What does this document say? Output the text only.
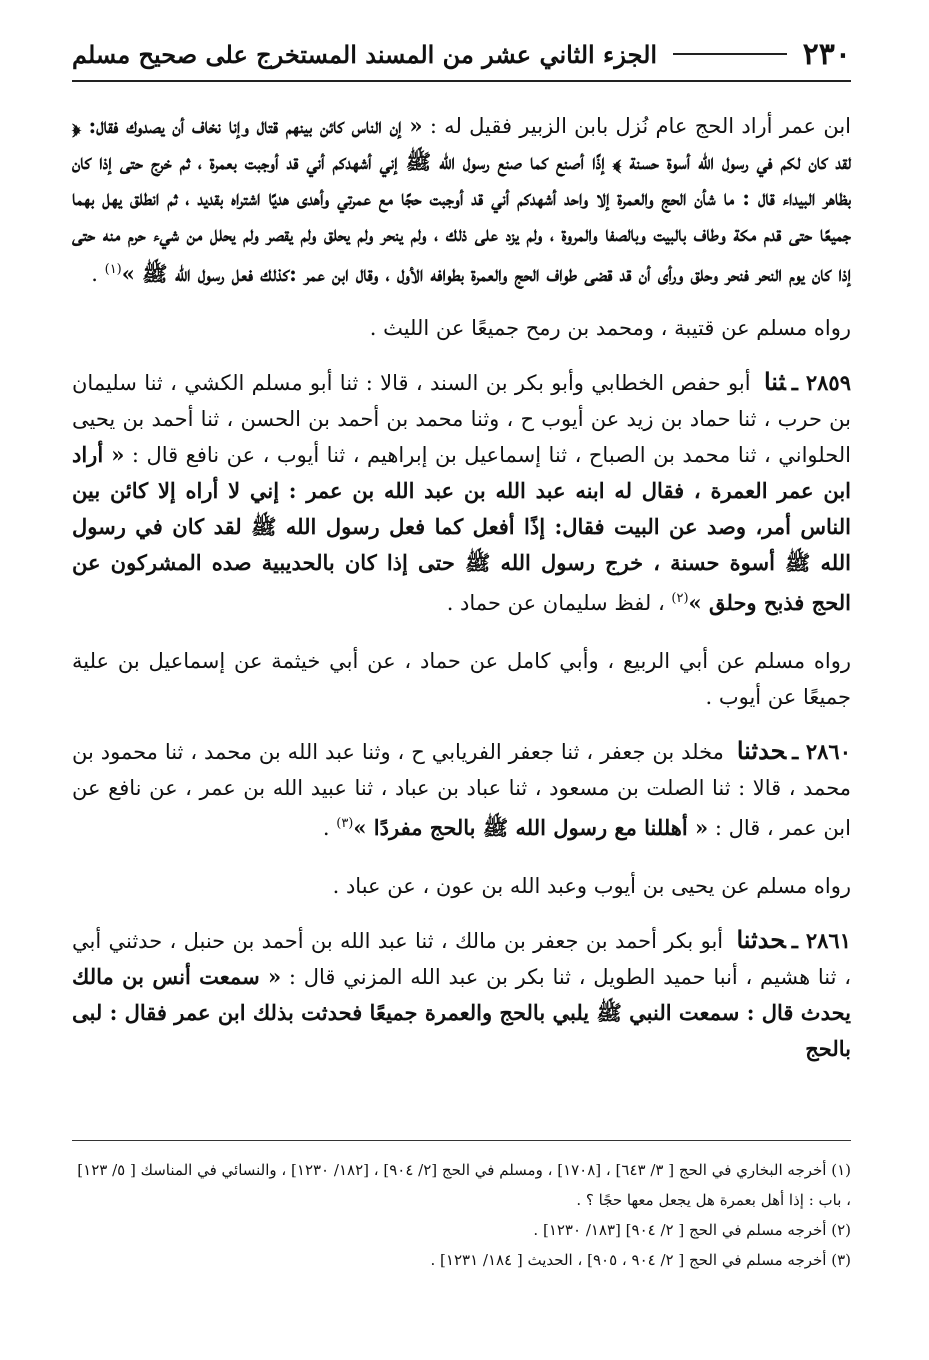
٢٣٠
الجزء الثاني عشر من المسند المستخرج على صحيح مسلم

ابن عمر أراد الحج عام نُزل بابن الزبير فقيل له : « إن الناس كائن بينهم قتال وإنا نخاف أن يصدوك فقال: ﴿ لقد كان لكم في رسول الله أسوة حسنة ﴾ إذًا أصنع كما صنع رسول الله ﷺ إني أشهدكم أني قد أوجبت بعمرة ، ثم خرج حتى إذا كان بظاهر البيداء قال : ما شأن الحج والعمرة إلا واحد أشهدكم أني قد أوجبت حجًا مع عمرتي وأهدى هديًا اشتراه بقديد ، ثم انطلق يهل بهما جميعًا حتى قدم مكة وطاف بالبيت وبالصفا والمروة ، ولم يزد على ذلك ، ولم ينحر ولم يحلق ولم يقصر ولم يحلل من شيء حرم منه حتى إذا كان يوم النحر فنحر وحلق ورأى أن قد قضى طواف الحج والعمرة بطوافه الأول ، وقال ابن عمر :كذلك فعل رسول الله ﷺ »$^{(١)}$ .

رواه مسلم عن قتيبة ، ومحمد بن رمح جميعًا عن الليث .

٢٨٥٩ ـثنا أبو حفص الخطابي وأبو بكر بن السند ، قالا : ثنا أبو مسلم الكشي ، ثنا سليمان بن حرب ، ثنا حماد بن زيد عن أيوب ح ، وثنا محمد بن أحمد بن الحسن ، ثنا أحمد بن يحيى الحلواني ، ثنا محمد بن الصباح ، ثنا إسماعيل بن إبراهيم ، ثنا أيوب ، عن نافع قال : « أراد ابن عمر العمرة ، فقال له ابنه عبد الله بن عبد الله بن عمر : إني لا أراه إلا كائن بين الناس أمر، وصد عن البيت فقال: إذًا أفعل كما فعل رسول الله ﷺ لقد كان في رسول الله ﷺ أسوة حسنة ، خرج رسول الله ﷺ حتى إذا كان بالحديبية صده المشركون عن الحج فذبح وحلق »$^{(٢)}$ ، لفظ سليمان عن حماد .

رواه مسلم عن أبي الربيع ، وأبي كامل عن حماد ، عن أبي خيثمة عن إسماعيل بن علية جميعًا عن أيوب .

٢٨٦٠ ـحدثنا مخلد بن جعفر ، ثنا جعفر الفريابي ح ، وثنا عبد الله بن محمد ، ثنا محمود بن محمد ، قالا : ثنا الصلت بن مسعود ، ثنا عباد بن عباد ، ثنا عبيد الله بن عمر ، عن نافع عن ابن عمر ، قال : « أهللنا مع رسول الله ﷺ بالحج مفردًا »$^{(٣)}$ .

رواه مسلم عن يحيى بن أيوب وعبد الله بن عون ، عن عباد .

٢٨٦١ ـحدثنا أبو بكر أحمد بن جعفر بن مالك ، ثنا عبد الله بن أحمد بن حنبل ، حدثني أبي ، ثنا هشيم ، أنبا حميد الطويل ، ثنا بكر بن عبد الله المزني قال : « سمعت أنس بن مالك يحدث قال : سمعت النبي ﷺ يلبي بالحج والعمرة جميعًا فحدثت بذلك ابن عمر فقال : لبى بالحج

(١) أخرجه البخاري في الحج [ ٣/ ٦٤٣] ، [١٧٠٨] ، ومسلم في الحج [٢/ ٩٠٤] ، [١٨٢/ ١٢٣٠] ، والنسائي في المناسك [ ٥/ ١٢٣] ، باب : إذا أهل بعمرة هل يجعل معها حجًا ؟ .

(٢) أخرجه مسلم في الحج [ ٢/ ٩٠٤] [١٨٣/ ١٢٣٠] .

(٣) أخرجه مسلم في الحج [ ٢/ ٩٠٤ ، ٩٠٥] ، الحديث [ ١٨٤/ ١٢٣١] .
